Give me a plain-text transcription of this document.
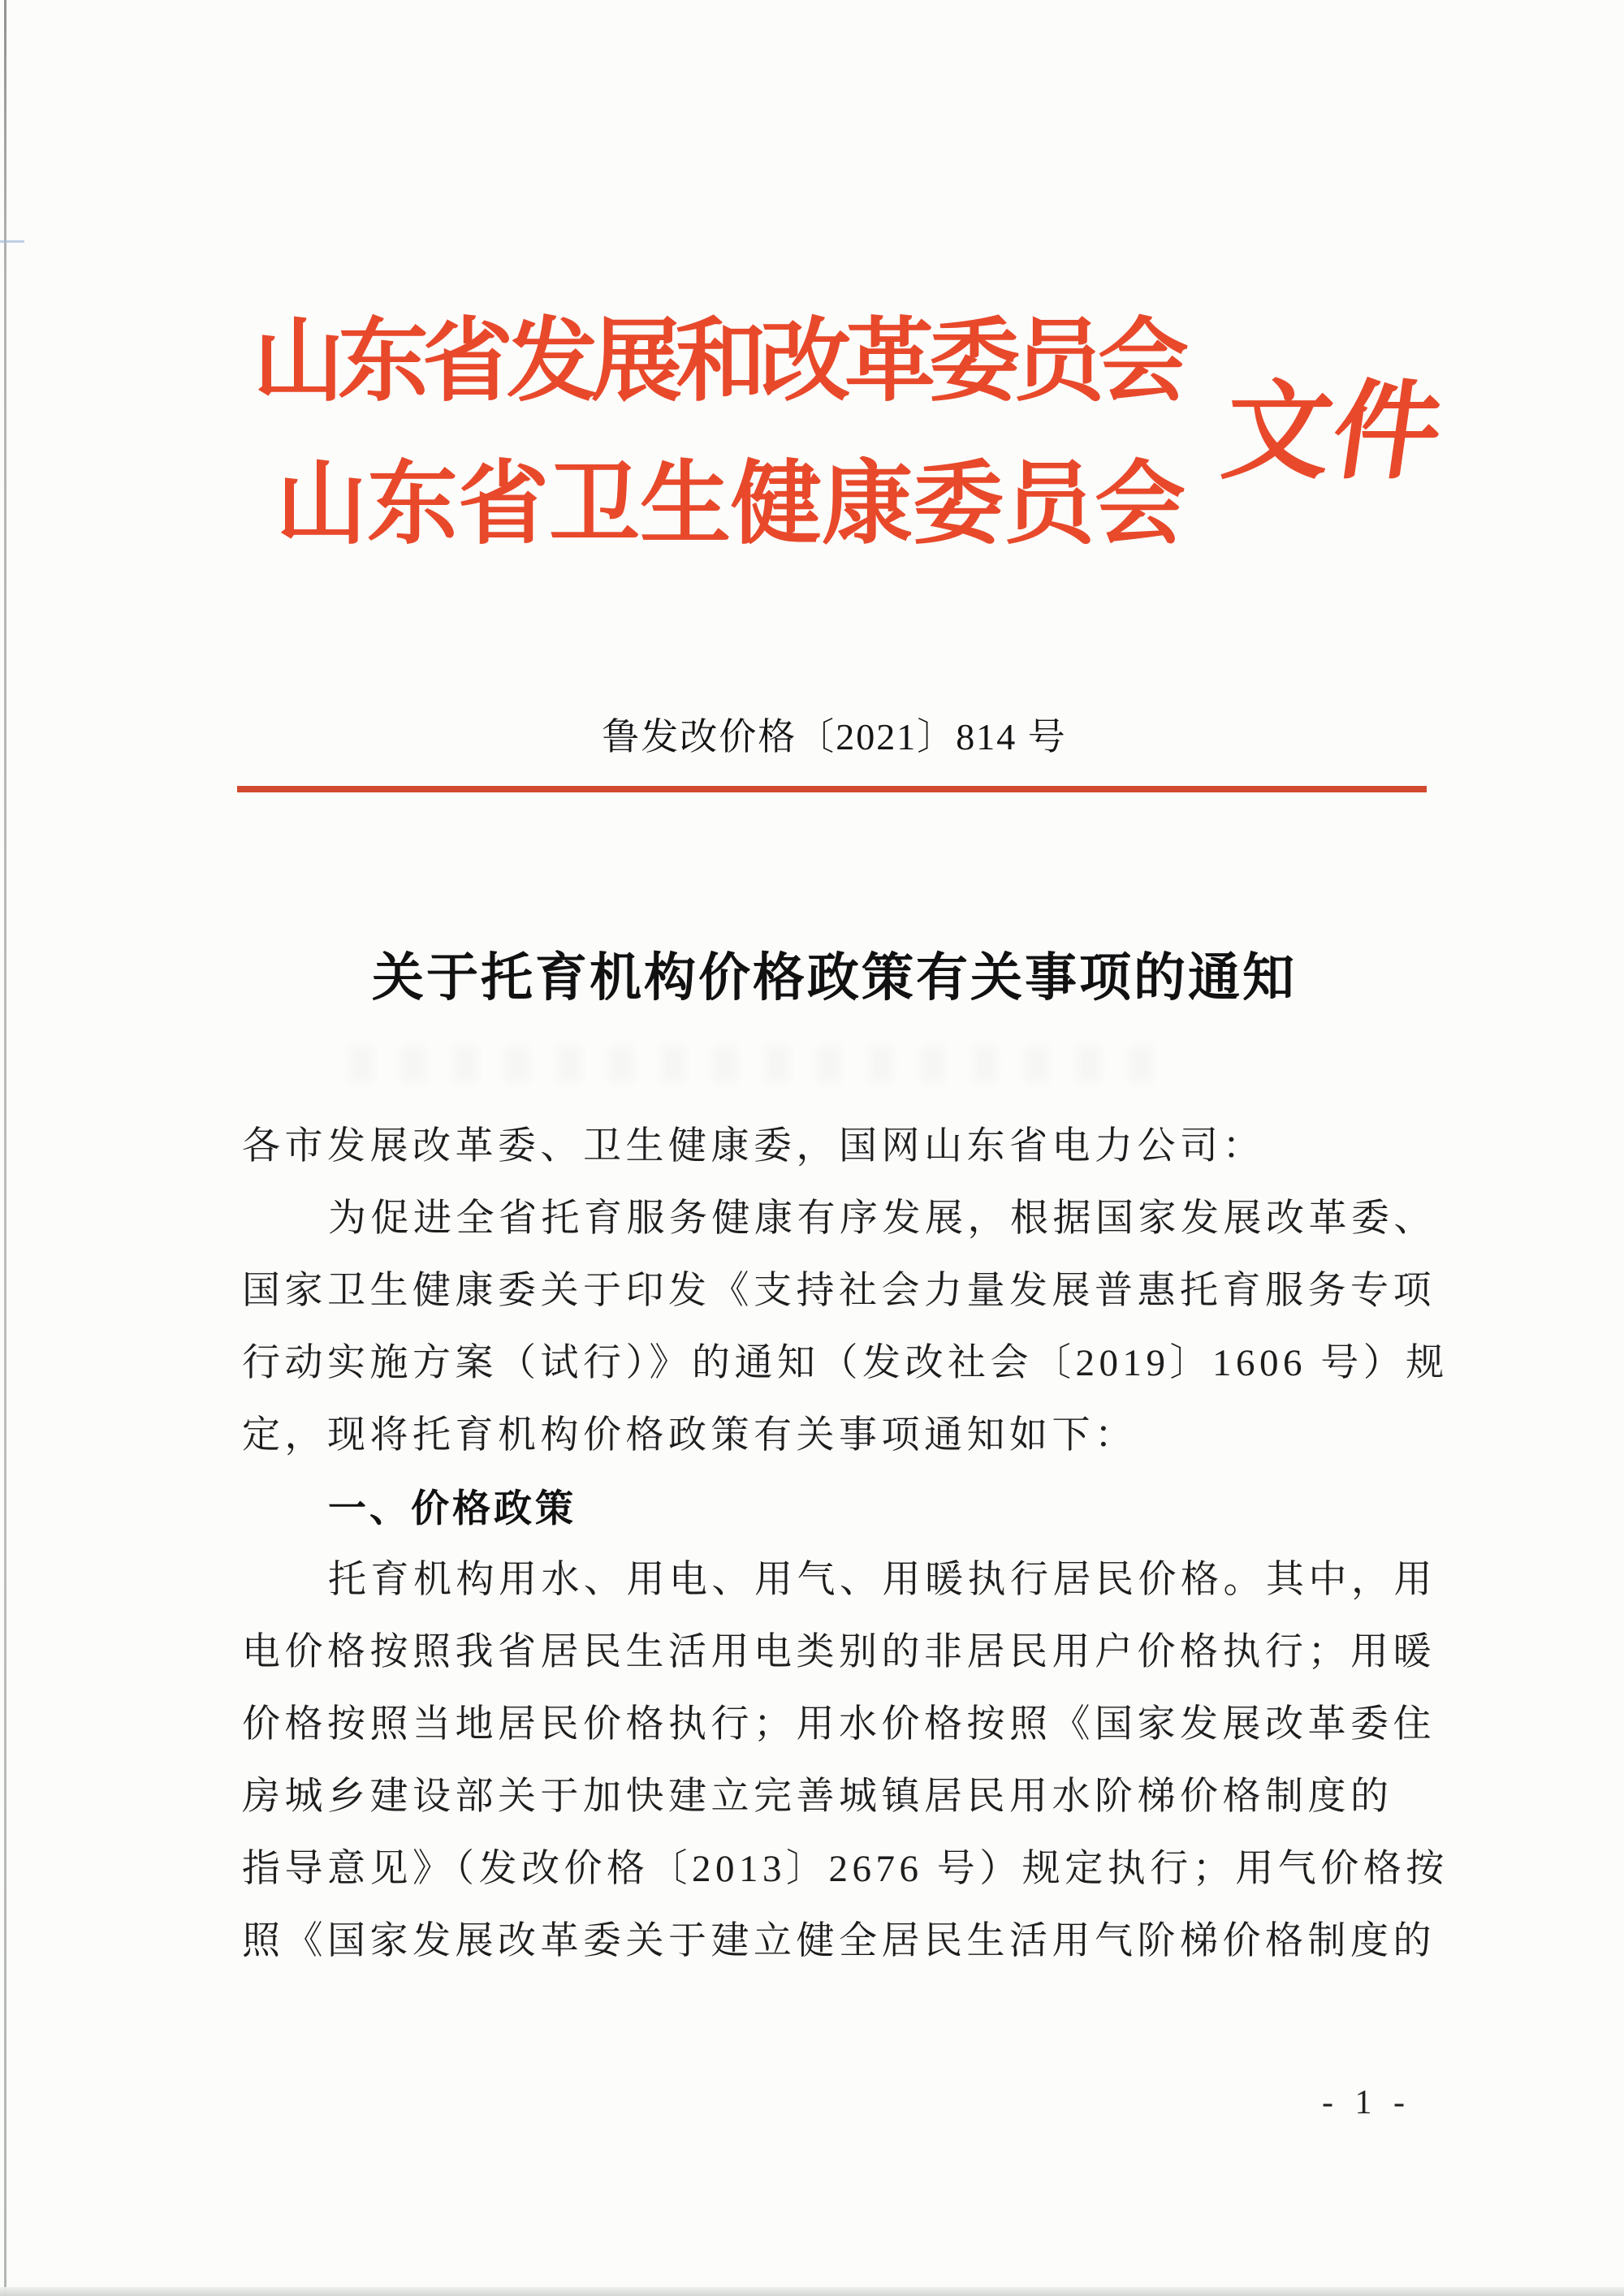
山东省发展和改革委员会
山东省卫生健康委员会
文件
鲁发改价格〔2021〕814 号
关于托育机构价格政策有关事项的通知
各市发展改革委、卫生健康委，国网山东省电力公司：
为促进全省托育服务健康有序发展，根据国家发展改革委、
国家卫生健康委关于印发《支持社会力量发展普惠托育服务专项
行动实施方案（试行）》的通知（发改社会〔2019〕1606 号）规
定，现将托育机构价格政策有关事项通知如下：
一、价格政策
托育机构用水、用电、用气、用暖执行居民价格。其中，用
电价格按照我省居民生活用电类别的非居民用户价格执行；用暖
价格按照当地居民价格执行；用水价格按照《国家发展改革委住
房城乡建设部关于加快建立完善城镇居民用水阶梯价格制度的
指导意见》（发改价格〔2013〕2676 号）规定执行；用气价格按
照《国家发展改革委关于建立健全居民生活用气阶梯价格制度的
- 1 -
